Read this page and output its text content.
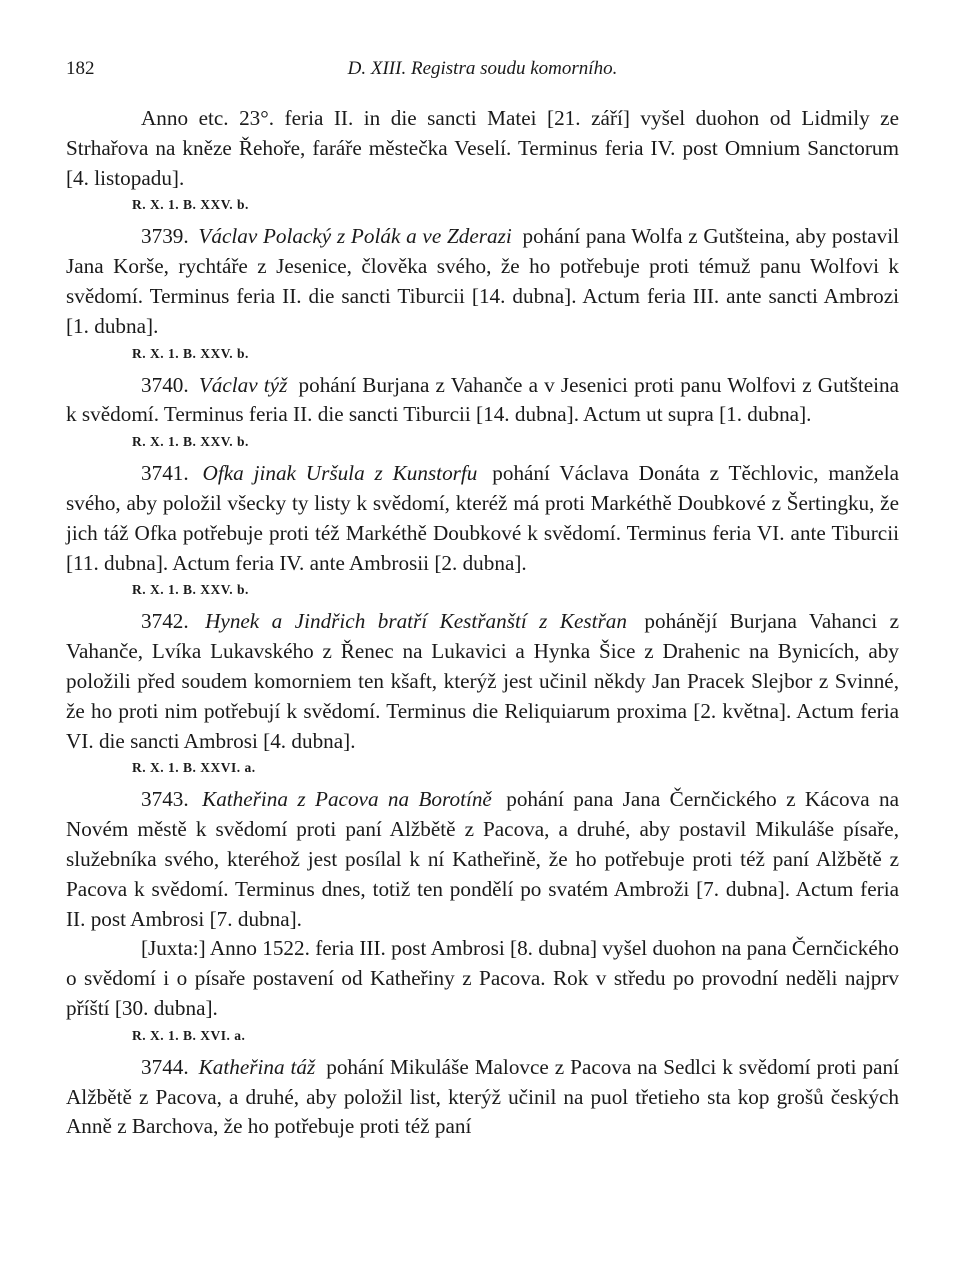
182	D. XIII. Registra soudu komorního.

Anno etc. 23°. feria II. in die sancti Matei [21. září] vyšel duohon od Lidmily ze Strhařova na kněze Řehoře, faráře městečka Veselí. Terminus feria IV. post Omnium Sanctorum [4. listopadu].

R. X. 1. B. XXV. b.

3739. Václav Polacký z Polák a ve Zderazi pohání pana Wolfa z Gutšteina, aby postavil Jana Korše, rychtáře z Jesenice, člověka svého, že ho potřebuje proti témuž panu Wolfovi k svědomí. Terminus feria II. die sancti Tiburcii [14. dubna]. Actum feria III. ante sancti Ambrozi [1. dubna].

R. X. 1. B. XXV. b.

3740. Václav týž pohání Burjana z Vahanče a v Jesenici proti panu Wolfovi z Gutšteina k svědomí. Terminus feria II. die sancti Tiburcii [14. dubna]. Actum ut supra [1. dubna].

R. X. 1. B. XXV. b.

3741. Ofka jinak Uršula z Kunstorfu pohání Václava Donáta z Těchlovic, manžela svého, aby položil všecky ty listy k svědomí, kteréž má proti Markéthě Doubkové z Šertingku, že jich táž Ofka potřebuje proti též Markéthě Doubkové k svědomí. Terminus feria VI. ante Tiburcii [11. dubna]. Actum feria IV. ante Ambrosii [2. dubna].

R. X. 1. B. XXV. b.

3742. Hynek a Jindřich bratří Kestřanští z Kestřan pohánějí Burjana Vahanci z Vahanče, Lvíka Lukavského z Řenec na Lukavici a Hynka Šice z Drahenic na Bynicích, aby položili před soudem komorniem ten kšaft, kterýž jest učinil někdy Jan Pracek Slejbor z Svinné, že ho proti nim potřebují k svědomí. Terminus die Reliquiarum proxima [2. května]. Actum feria VI. die sancti Ambrosi [4. dubna].

R. X. 1. B. XXVI. a.

3743. Katheřina z Pacova na Borotíně pohání pana Jana Černčického z Kácova na Novém městě k svědomí proti paní Alžbětě z Pacova, a druhé, aby postavil Mikuláše písaře, služebníka svého, kteréhož jest posílal k ní Katheřině, že ho potřebuje proti též paní Alžbětě z Pacova k svědomí. Terminus dnes, totiž ten pondělí po svatém Ambroži [7. dubna]. Actum feria II. post Ambrosi [7. dubna].

[Juxta:] Anno 1522. feria III. post Ambrosi [8. dubna] vyšel duohon na pana Černčického o svědomí i o písaře postavení od Katheřiny z Pacova. Rok v středu po provodní neděli najprv příští [30. dubna].

R. X. 1. B. XVI. a.

3744. Katheřina táž pohání Mikuláše Malovce z Pacova na Sedlci k svědomí proti paní Alžbětě z Pacova, a druhé, aby položil list, kterýž učinil na puol třetieho sta kop grošů českých Anně z Barchova, že ho potřebuje proti též paní
